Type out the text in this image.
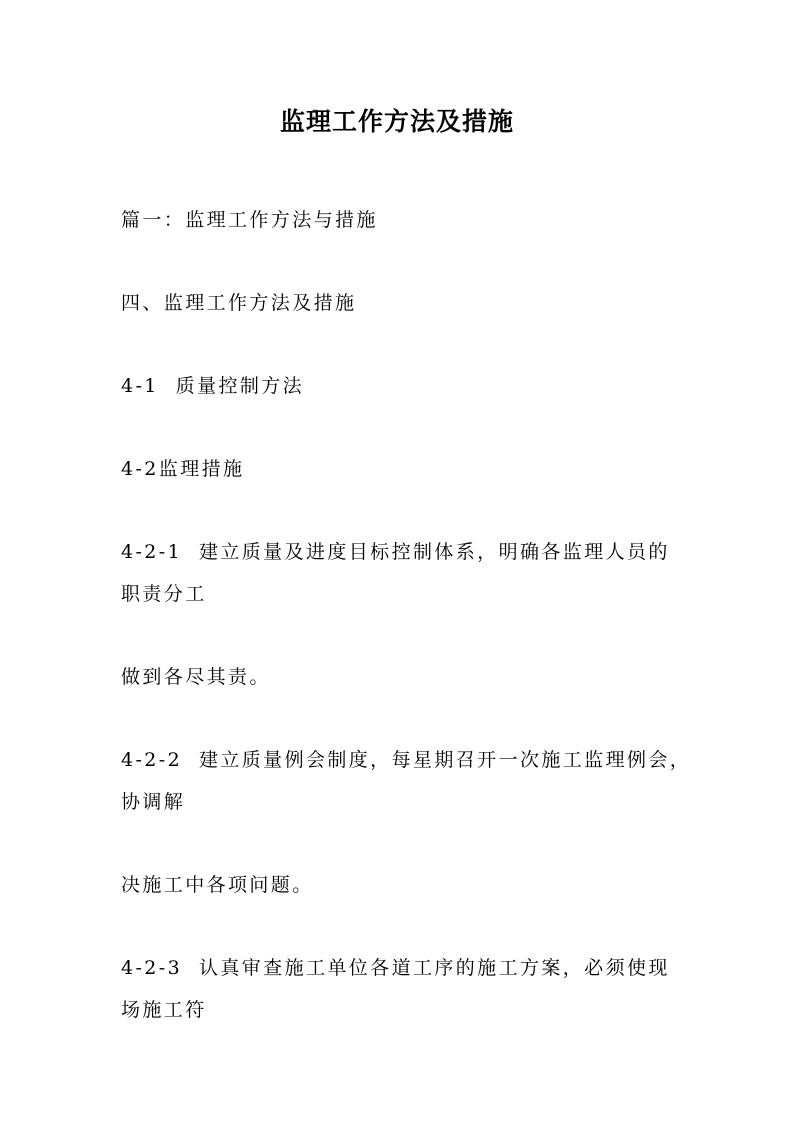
监理工作方法及措施
篇一：监理工作方法与措施
四、监理工作方法及措施
4-1  质量控制方法
4-2监理措施
4-2-1  建立质量及进度目标控制体系，明确各监理人员的
职责分工
做到各尽其责。
4-2-2  建立质量例会制度，每星期召开一次施工监理例会，
协调解
决施工中各项问题。
4-2-3  认真审查施工单位各道工序的施工方案，必须使现
场施工符
